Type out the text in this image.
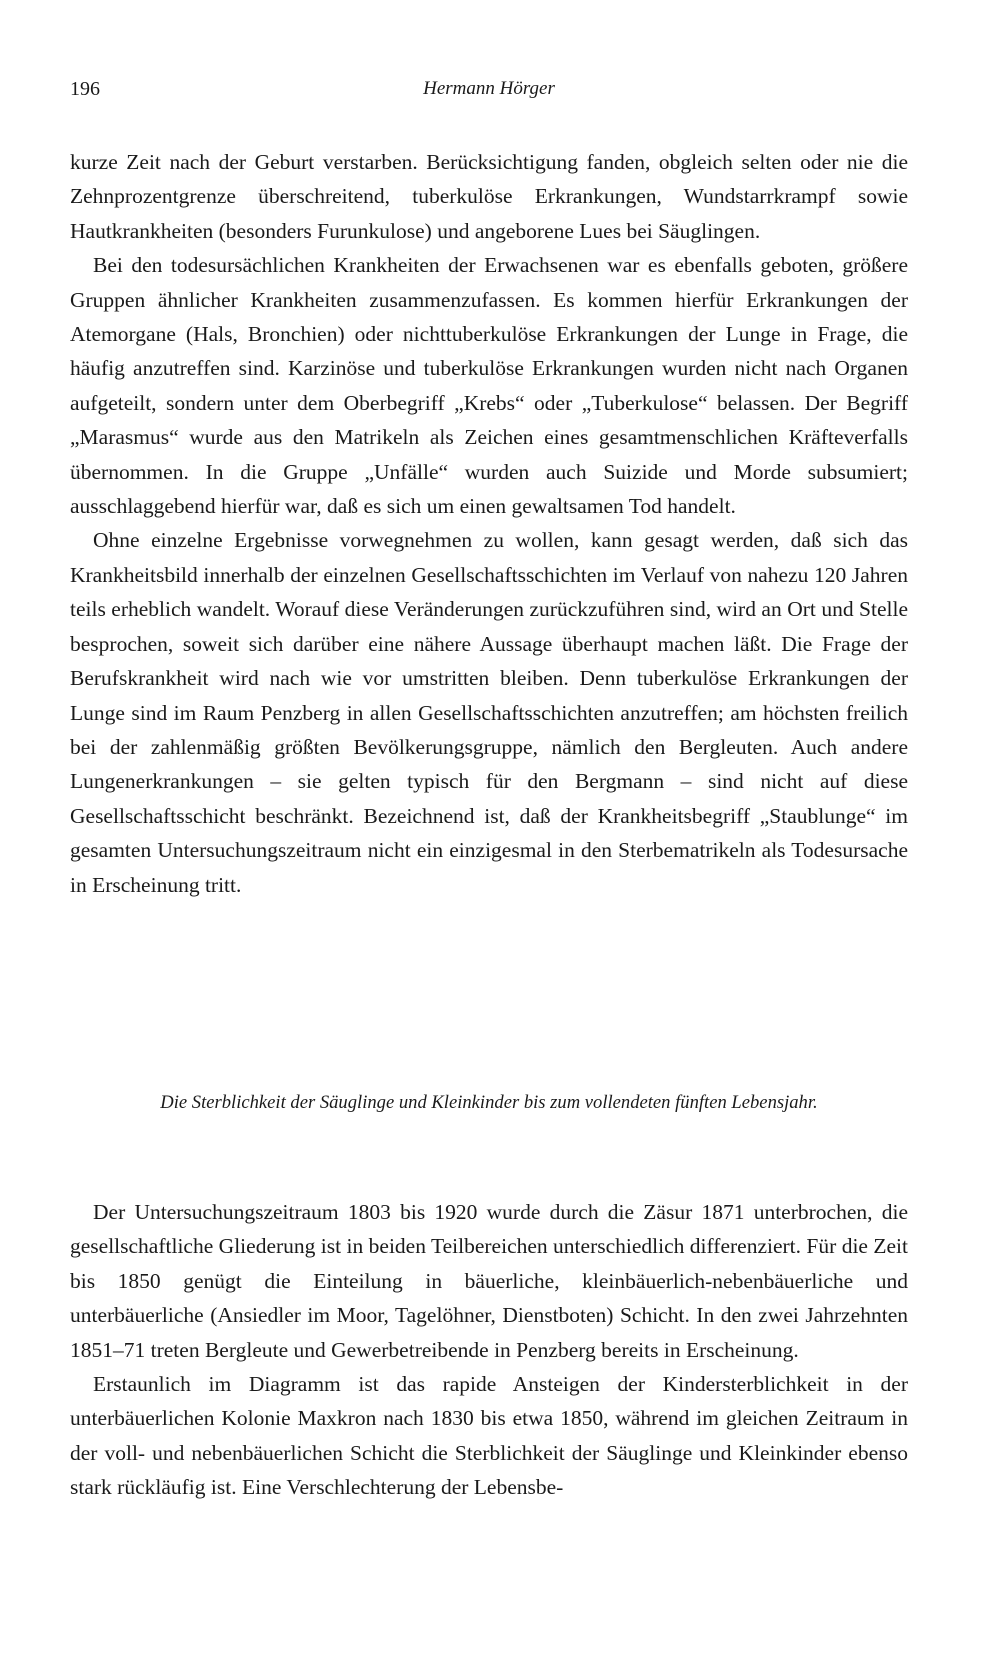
196	Hermann Hörger

kurze Zeit nach der Geburt verstarben. Berücksichtigung fanden, obgleich selten oder nie die Zehnprozentgrenze überschreitend, tuberkulöse Erkrankungen, Wundstarrkrampf sowie Hautkrankheiten (besonders Furunkulose) und angeborene Lues bei Säuglingen.

Bei den todesursächlichen Krankheiten der Erwachsenen war es ebenfalls geboten, größere Gruppen ähnlicher Krankheiten zusammenzufassen. Es kommen hierfür Erkrankungen der Atemorgane (Hals, Bronchien) oder nichttuberkulöse Erkrankungen der Lunge in Frage, die häufig anzutreffen sind. Karzinöse und tuberkulöse Erkrankungen wurden nicht nach Organen aufgeteilt, sondern unter dem Oberbegriff „Krebs“ oder „Tuberkulose“ belassen. Der Begriff „Marasmus“ wurde aus den Matrikeln als Zeichen eines gesamtmenschlichen Kräfteverfalls übernommen. In die Gruppe „Unfälle“ wurden auch Suizide und Morde subsumiert; ausschlaggebend hierfür war, daß es sich um einen gewaltsamen Tod handelt.

Ohne einzelne Ergebnisse vorwegnehmen zu wollen, kann gesagt werden, daß sich das Krankheitsbild innerhalb der einzelnen Gesellschaftsschichten im Verlauf von nahezu 120 Jahren teils erheblich wandelt. Worauf diese Veränderungen zurückzuführen sind, wird an Ort und Stelle besprochen, soweit sich darüber eine nähere Aussage überhaupt machen läßt. Die Frage der Berufskrankheit wird nach wie vor umstritten bleiben. Denn tuberkulöse Erkrankungen der Lunge sind im Raum Penzberg in allen Gesellschaftsschichten anzutreffen; am höchsten freilich bei der zahlenmäßig größten Bevölkerungsgruppe, nämlich den Bergleuten. Auch andere Lungenerkrankungen – sie gelten typisch für den Bergmann – sind nicht auf diese Gesellschaftsschicht beschränkt. Bezeichnend ist, daß der Krankheitsbegriff „Staublunge“ im gesamten Untersuchungszeitraum nicht ein einzigesmal in den Sterbematrikeln als Todesursache in Erscheinung tritt.

Die Sterblichkeit der Säuglinge und Kleinkinder bis zum vollendeten fünften Lebensjahr.

Der Untersuchungszeitraum 1803 bis 1920 wurde durch die Zäsur 1871 unterbrochen, die gesellschaftliche Gliederung ist in beiden Teilbereichen unterschiedlich differenziert. Für die Zeit bis 1850 genügt die Einteilung in bäuerliche, kleinbäuerlich-nebenbäuerliche und unterbäuerliche (Ansiedler im Moor, Tagelöhner, Dienstboten) Schicht. In den zwei Jahrzehnten 1851–71 treten Bergleute und Gewerbetreibende in Penzberg bereits in Erscheinung.

Erstaunlich im Diagramm ist das rapide Ansteigen der Kindersterblichkeit in der unterbäuerlichen Kolonie Maxkron nach 1830 bis etwa 1850, während im gleichen Zeitraum in der voll- und nebenbäuerlichen Schicht die Sterblichkeit der Säuglinge und Kleinkinder ebenso stark rückläufig ist. Eine Verschlechterung der Lebensbe-
